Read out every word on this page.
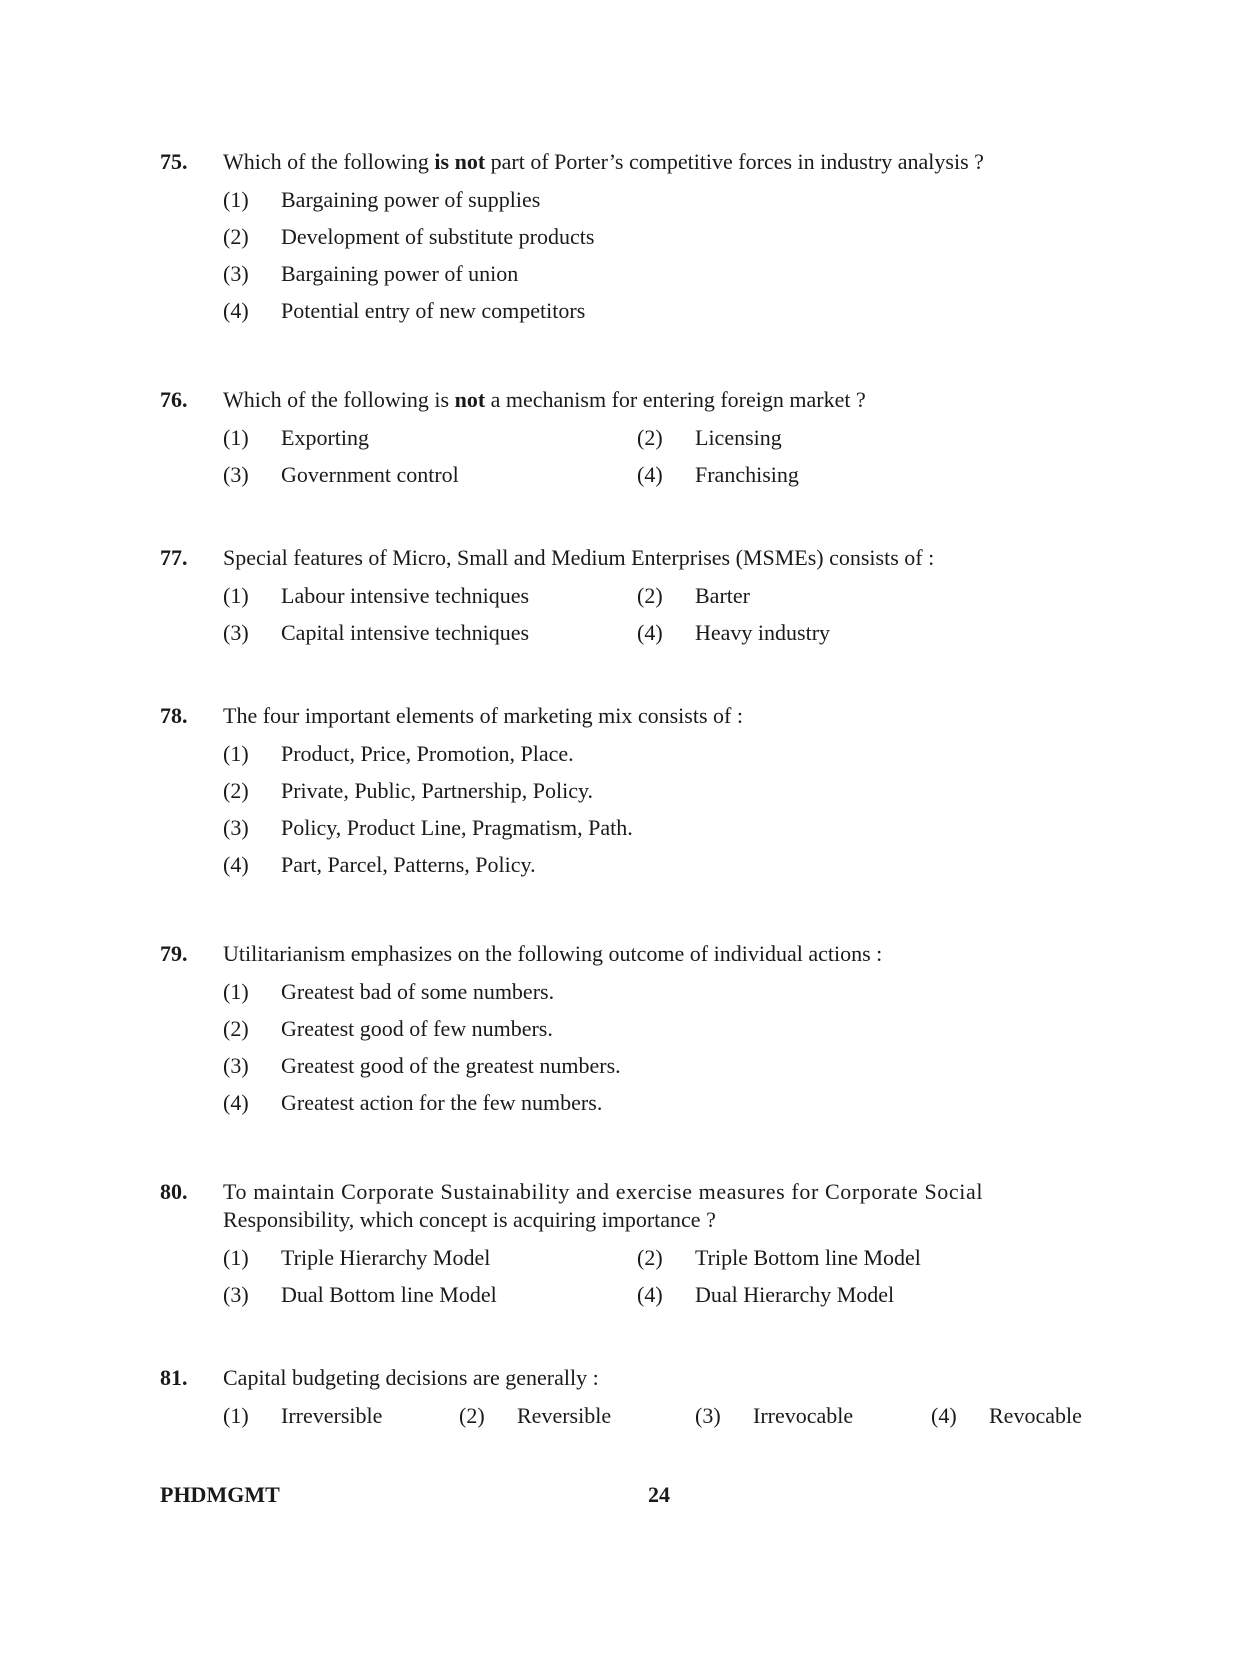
75.	Which of the following is not part of Porter’s competitive forces in industry analysis ?
(1)	Bargaining power of supplies
(2)	Development of substitute products
(3)	Bargaining power of union
(4)	Potential entry of new competitors
76.	Which of the following is not a mechanism for entering foreign market ?
(1)	Exporting	(2)	Licensing
(3)	Government control	(4)	Franchising
77.	Special features of Micro, Small and Medium Enterprises (MSMEs) consists of :
(1)	Labour intensive techniques	(2)	Barter
(3)	Capital intensive techniques	(4)	Heavy industry
78.	The four important elements of marketing mix consists of :
(1)	Product, Price, Promotion, Place.
(2)	Private, Public, Partnership, Policy.
(3)	Policy, Product Line, Pragmatism, Path.
(4)	Part, Parcel, Patterns, Policy.
79.	Utilitarianism emphasizes on the following outcome of individual actions :
(1)	Greatest bad of some numbers.
(2)	Greatest good of few numbers.
(3)	Greatest good of the greatest numbers.
(4)	Greatest action for the few numbers.
80.	To maintain Corporate Sustainability and exercise measures for Corporate Social
Responsibility, which concept is acquiring importance ?
(1)	Triple Hierarchy Model	(2)	Triple Bottom line Model
(3)	Dual Bottom line Model	(4)	Dual Hierarchy Model
81.	Capital budgeting decisions are generally :
(1)	Irreversible	(2)	Reversible	(3)	Irrevocable	(4)	Revocable
PHDMGMT	24
